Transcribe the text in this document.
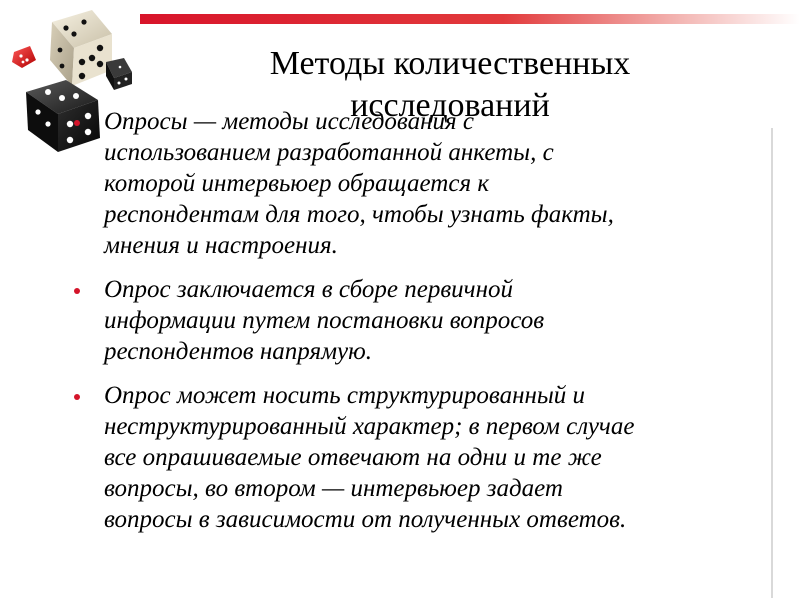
Методы количественных
исследований
Опросы — методы исследования с
использованием разработанной анкеты, с
которой интервьюер обращается к
респондентам для того, чтобы узнать факты,
мнения и настроения.
Опрос заключается в сборе первичной
информации путем постановки вопросов
респондентов напрямую.
Опрос может носить структурированный и
неструктурированный характер; в первом случае
все опрашиваемые отвечают на одни и те же
вопросы, во втором — интервьюер задает
вопросы в зависимости от полученных ответов.
